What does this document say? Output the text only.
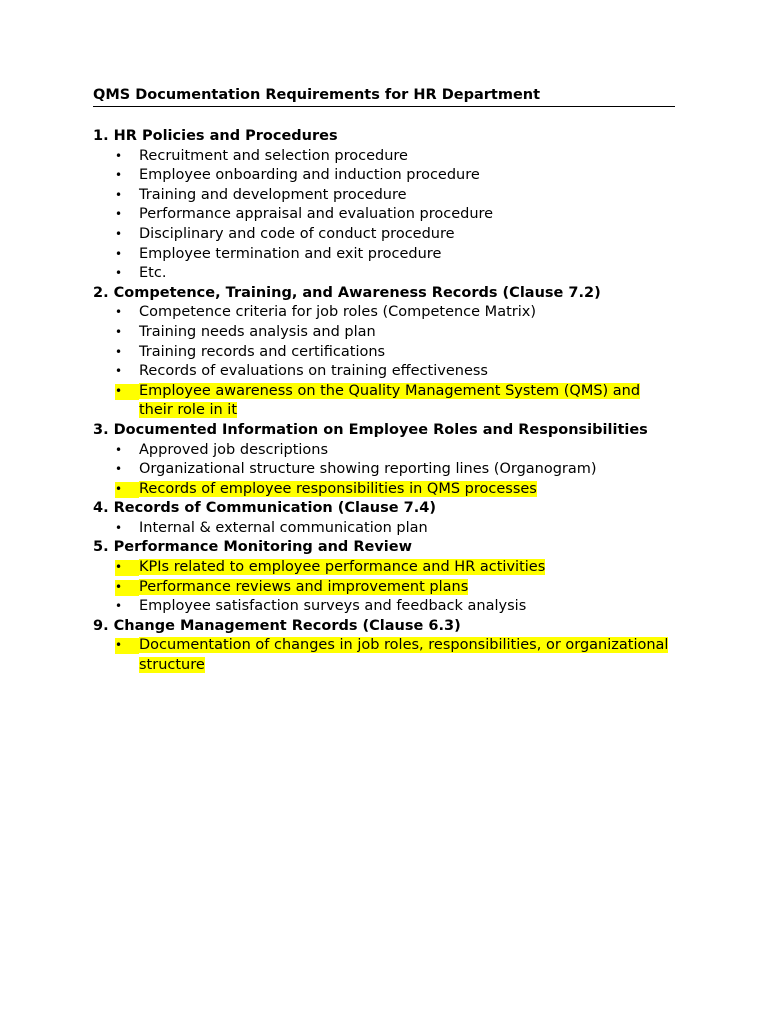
QMS Documentation Requirements for HR Department
1. HR Policies and Procedures
• Recruitment and selection procedure
• Employee onboarding and induction procedure
• Training and development procedure
• Performance appraisal and evaluation procedure
• Disciplinary and code of conduct procedure
• Employee termination and exit procedure
• Etc.
2. Competence, Training, and Awareness Records (Clause 7.2)
• Competence criteria for job roles (Competence Matrix)
• Training needs analysis and plan
• Training records and certifications
• Records of evaluations on training effectiveness
• Employee awareness on the Quality Management System (QMS) and their role in it
3. Documented Information on Employee Roles and Responsibilities
• Approved job descriptions
• Organizational structure showing reporting lines (Organogram)
• Records of employee responsibilities in QMS processes
4. Records of Communication (Clause 7.4)
• Internal & external communication plan
5. Performance Monitoring and Review
• KPIs related to employee performance and HR activities
• Performance reviews and improvement plans
• Employee satisfaction surveys and feedback analysis
9. Change Management Records (Clause 6.3)
• Documentation of changes in job roles, responsibilities, or organizational structure
